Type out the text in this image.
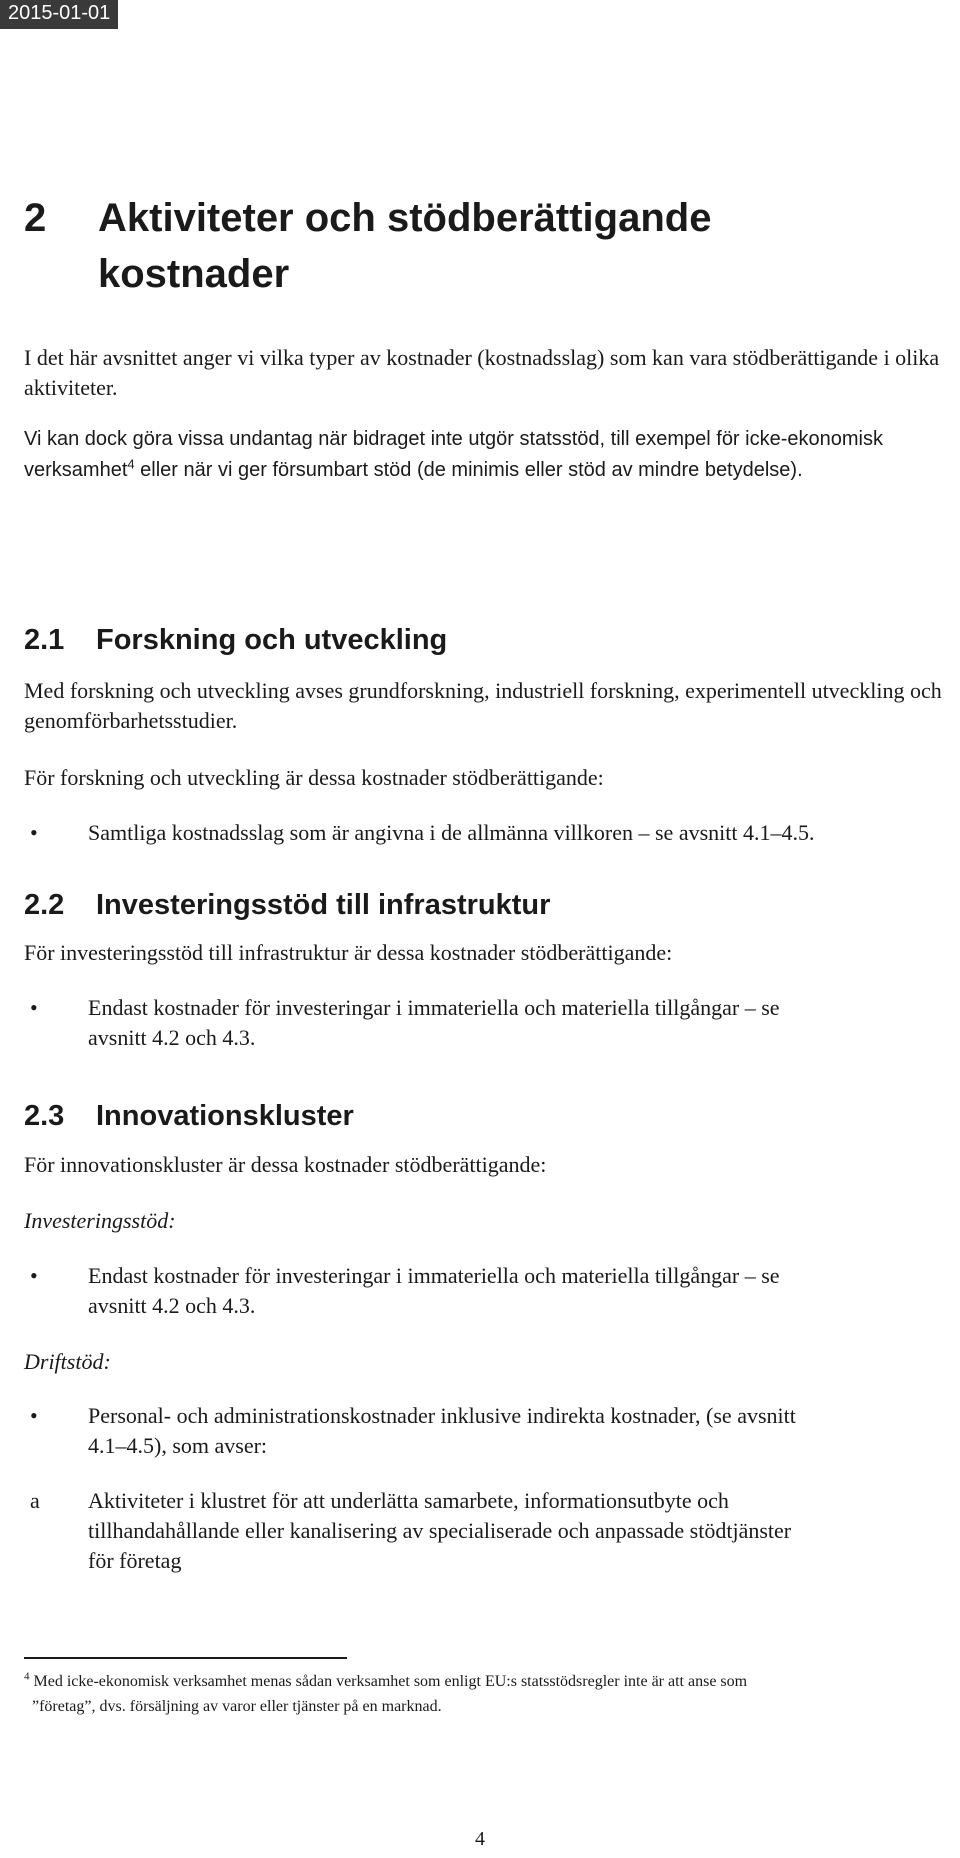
2015-01-01
2	Aktiviteter och stödberättigande
kostnader

I det här avsnittet anger vi vilka typer av kostnader (kostnadsslag) som kan vara stödberättigande i olika aktiviteter.

Vi kan dock göra vissa undantag när bidraget inte utgör statsstöd, till exempel för icke-ekonomisk verksamhet$^4$ eller när vi ger försumbart stöd (de minimis eller stöd av mindre betydelse).

2.1	Forskning och utveckling

Med forskning och utveckling avses grundforskning, industriell forskning, experimentell utveckling och genomförbarhetsstudier.

För forskning och utveckling är dessa kostnader stödberättigande:

•	Samtliga kostnadsslag som är angivna i de allmänna villkoren – se avsnitt 4.1–4.5.
2.2	Investeringsstöd till infrastruktur

För investeringsstöd till infrastruktur är dessa kostnader stödberättigande:

•	Endast kostnader för investeringar i immateriella och materiella tillgångar – se
avsnitt 4.2 och 4.3.
2.3	Innovationskluster

För innovationskluster är dessa kostnader stödberättigande:

Investeringsstöd:

•	Endast kostnader för investeringar i immateriella och materiella tillgångar – se
avsnitt 4.2 och 4.3.

Driftstöd:

•	Personal- och administrationskostnader inklusive indirekta kostnader, (se avsnitt
4.1–4.5), som avser:
a	Aktiviteter i klustret för att underlätta samarbete, informationsutbyte och
tillhandahållande eller kanalisering av specialiserade och anpassade stödtjänster
för företag

$^4$ Med icke-ekonomisk verksamhet menas sådan verksamhet som enligt EU:s statsstödsregler inte är att anse som
”företag”, dvs. försäljning av varor eller tjänster på en marknad.

4
